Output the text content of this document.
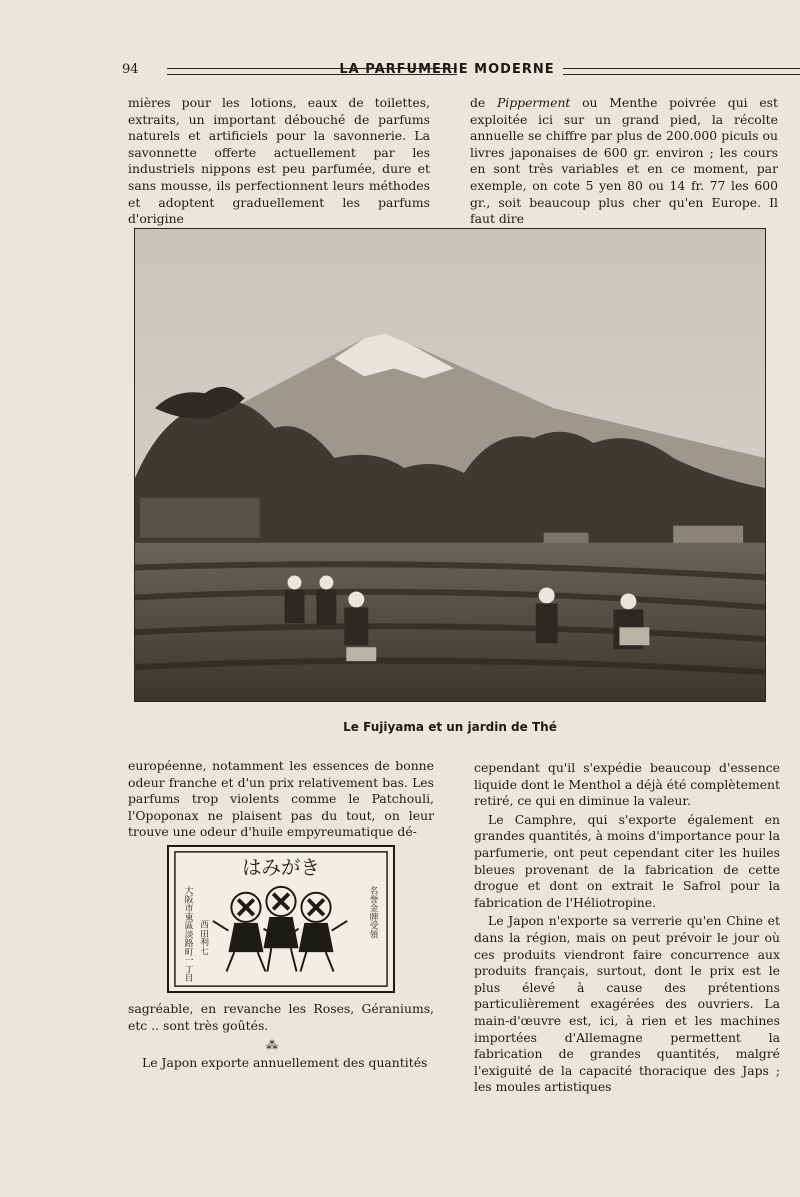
94	LA PARFUMERIE MODERNE

mières pour les lotions, eaux de toilettes, extraits, un important débouché de parfums naturels et artificiels pour la savonnerie. La savonnette offerte actuellement par les industriels nippons est peu parfumée, dure et sans mousse, ils perfectionnent leurs méthodes et adoptent graduellement les parfums d'origine

de Pipperment ou Menthe poivrée qui est exploitée ici sur un grand pied, la récolte annuelle se chiffre par plus de 200.000 piculs ou livres japonaises de 600 gr. environ ; les cours en sont très variables et en ce moment, par exemple, on cote 5 yen 80 ou 14 fr. 77 les 600 gr., soit beaucoup plus cher qu'en Europe. Il faut dire

Le Fujiyama et un jardin de Thé

européenne, notamment les essences de bonne odeur franche et d'un prix relativement bas. Les parfums trop violents comme le Patchouli, l'Opoponax ne plaisent pas du tout, on leur trouve une odeur d'huile empyreumatique dé-

はみがき
大阪市東區淡路町一丁目	名誉金牌受領
西田利七

sagréable, en revanche les Roses, Géraniums, etc .. sont très goûtés.

⁂

Le Japon exporte annuellement des quantités

cependant qu'il s'expédie beaucoup d'essence liquide dont le Menthol a déjà été complètement retiré, ce qui en diminue la valeur.

Le Camphre, qui s'exporte également en grandes quantités, à moins d'importance pour la parfumerie, ont peut cependant citer les huiles bleues provenant de la fabrication de cette drogue et dont on extrait le Safrol pour la fabrication de l'Héliotropine.

Le Japon n'exporte sa verrerie qu'en Chine et dans la région, mais on peut prévoir le jour où ces produits viendront faire concurrence aux produits français, surtout, dont le prix est le plus élevé à cause des prétentions particulièrement exagérées des ouvriers. La main-d'œuvre est, ici, à rien et les machines importées d'Allemagne permettent la fabrication de grandes quantités, malgré l'exiguité de la capacité thoracique des Japs ; les moules artistiques
